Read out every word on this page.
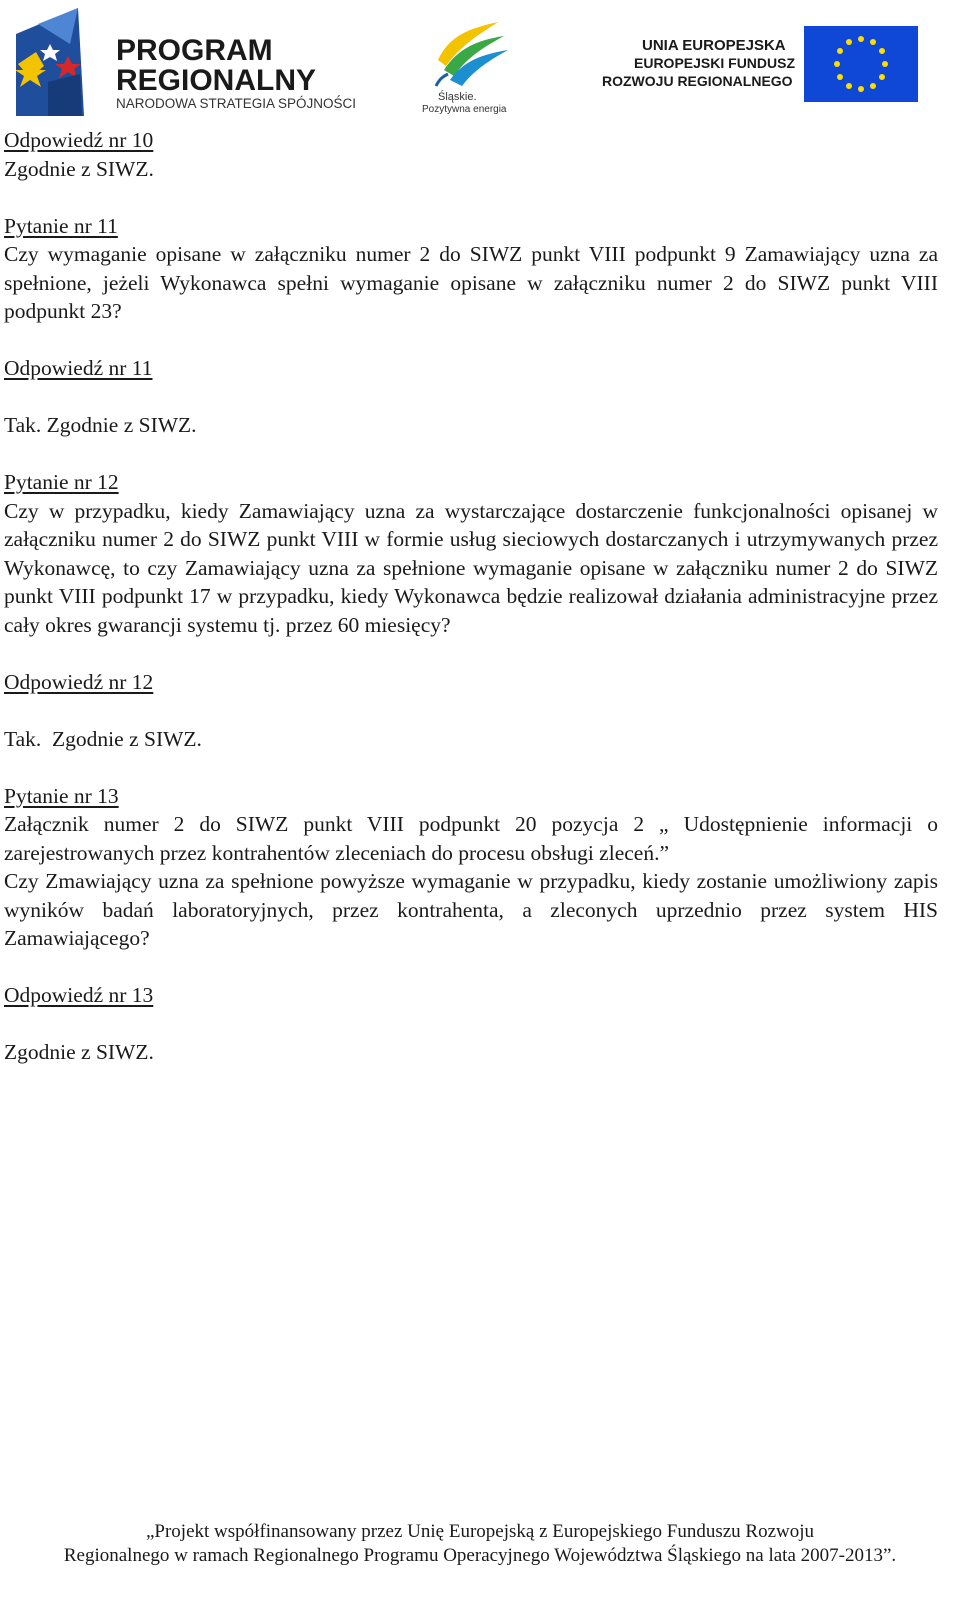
PROGRAM
REGIONALNY
NARODOWA STRATEGIA SPÓJNOŚCI	Śląskie.
Pozytywna energia
UNIA EUROPEJSKA
EUROPEJSKI FUNDUSZ
ROZWOJU REGIONALNEGO

Odpowiedź nr 10

Zgodnie z SIWZ.

Pytanie nr 11

Czy wymaganie opisane w załączniku numer 2 do SIWZ punkt VIII podpunkt 9 Zamawiający uzna za spełnione, jeżeli Wykonawca spełni wymaganie opisane w załączniku numer 2 do SIWZ punkt VIII podpunkt 23?

Odpowiedź nr 11

Tak. Zgodnie z SIWZ.

Pytanie nr 12

Czy w przypadku, kiedy Zamawiający uzna za wystarczające dostarczenie funkcjonalności opisanej w załączniku numer 2 do SIWZ punkt VIII w formie usług sieciowych dostarczanych i utrzymywanych przez Wykonawcę, to czy Zamawiający uzna za spełnione wymaganie opisane w załączniku numer 2 do SIWZ punkt VIII podpunkt 17 w przypadku, kiedy Wykonawca będzie realizował działania administracyjne przez cały okres gwarancji systemu tj. przez 60 miesięcy?

Odpowiedź nr 12

Tak.  Zgodnie z SIWZ.

Pytanie nr 13

Załącznik numer 2 do SIWZ punkt VIII podpunkt 20 pozycja 2 „ Udostępnienie informacji o zarejestrowanych przez kontrahentów zleceniach do procesu obsługi zleceń.”

Czy Zmawiający uzna za spełnione powyższe wymaganie w przypadku, kiedy zostanie umożliwiony zapis wyników badań laboratoryjnych, przez kontrahenta, a zleconych uprzednio przez system HIS Zamawiającego?

Odpowiedź nr 13

Zgodnie z SIWZ.

„Projekt współfinansowany przez Unię Europejską z Europejskiego Funduszu Rozwoju
Regionalnego w ramach Regionalnego Programu Operacyjnego Województwa Śląskiego na lata 2007-2013”.
